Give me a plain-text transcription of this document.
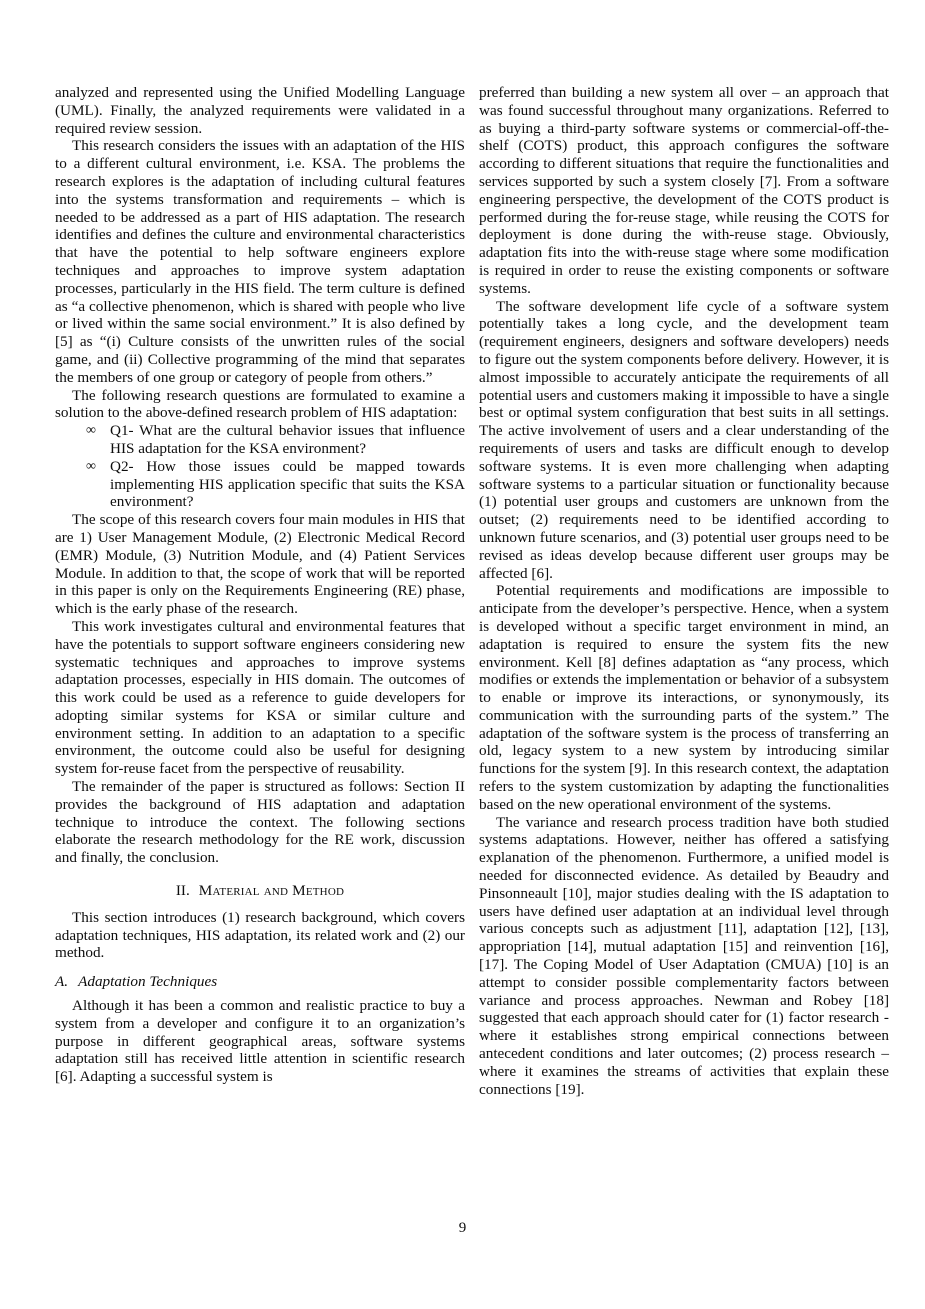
analyzed and represented using the Unified Modelling Language (UML). Finally, the analyzed requirements were validated in a required review session.

This research considers the issues with an adaptation of the HIS to a different cultural environment, i.e. KSA. The problems the research explores is the adaptation of including cultural features into the systems transformation and requirements – which is needed to be addressed as a part of HIS adaptation. The research identifies and defines the culture and environmental characteristics that have the potential to help software engineers explore techniques and approaches to improve system adaptation processes, particularly in the HIS field. The term culture is defined as “a collective phenomenon, which is shared with people who live or lived within the same social environment.” It is also defined by [5] as “(i) Culture consists of the unwritten rules of the social game, and (ii) Collective programming of the mind that separates the members of one group or category of people from others.”

The following research questions are formulated to examine a solution to the above-defined research problem of HIS adaptation:

∞ Q1- What are the cultural behavior issues that influence HIS adaptation for the KSA environment?
∞ Q2- How those issues could be mapped towards implementing HIS application specific that suits the KSA environment?

The scope of this research covers four main modules in HIS that are 1) User Management Module, (2) Electronic Medical Record (EMR) Module, (3) Nutrition Module, and (4) Patient Services Module. In addition to that, the scope of work that will be reported in this paper is only on the Requirements Engineering (RE) phase, which is the early phase of the research.

This work investigates cultural and environmental features that have the potentials to support software engineers considering new systematic techniques and approaches to improve systems adaptation processes, especially in HIS domain. The outcomes of this work could be used as a reference to guide developers for adopting similar systems for KSA or similar culture and environment setting. In addition to an adaptation to a specific environment, the outcome could also be useful for designing system for-reuse facet from the perspective of reusability.

The remainder of the paper is structured as follows: Section II provides the background of HIS adaptation and adaptation technique to introduce the context. The following sections elaborate the research methodology for the RE work, discussion and finally, the conclusion.

II. Material and Method

This section introduces (1) research background, which covers adaptation techniques, HIS adaptation, its related work and (2) our method.

A. Adaptation Techniques

Although it has been a common and realistic practice to buy a system from a developer and configure it to an organization’s purpose in different geographical areas, software systems adaptation still has received little attention in scientific research [6]. Adapting a successful system is

preferred than building a new system all over – an approach that was found successful throughout many organizations. Referred to as buying a third-party software systems or commercial-off-the-shelf (COTS) product, this approach configures the software according to different situations that require the functionalities and services supported by such a system closely [7]. From a software engineering perspective, the development of the COTS product is performed during the for-reuse stage, while reusing the COTS for deployment is done during the with-reuse stage. Obviously, adaptation fits into the with-reuse stage where some modification is required in order to reuse the existing components or software systems.

The software development life cycle of a software system potentially takes a long cycle, and the development team (requirement engineers, designers and software developers) needs to figure out the system components before delivery. However, it is almost impossible to accurately anticipate the requirements of all potential users and customers making it impossible to have a single best or optimal system configuration that best suits in all settings. The active involvement of users and a clear understanding of the requirements of users and tasks are difficult enough to develop software systems. It is even more challenging when adapting software systems to a particular situation or functionality because (1) potential user groups and customers are unknown from the outset; (2) requirements need to be identified according to unknown future scenarios, and (3) potential user groups need to be revised as ideas develop because different user groups may be affected [6].

Potential requirements and modifications are impossible to anticipate from the developer’s perspective. Hence, when a system is developed without a specific target environment in mind, an adaptation is required to ensure the system fits the new environment. Kell [8] defines adaptation as “any process, which modifies or extends the implementation or behavior of a subsystem to enable or improve its interactions, or synonymously, its communication with the surrounding parts of the system.” The adaptation of the software system is the process of transferring an old, legacy system to a new system by introducing similar functions for the system [9]. In this research context, the adaptation refers to the system customization by adapting the functionalities based on the new operational environment of the systems.

The variance and research process tradition have both studied systems adaptations. However, neither has offered a satisfying explanation of the phenomenon. Furthermore, a unified model is needed for disconnected evidence. As detailed by Beaudry and Pinsonneault [10], major studies dealing with the IS adaptation to users have defined user adaptation at an individual level through various concepts such as adjustment [11], adaptation [12], [13], appropriation [14], mutual adaptation [15] and reinvention [16], [17]. The Coping Model of User Adaptation (CMUA) [10] is an attempt to consider possible complementarity factors between variance and process approaches. Newman and Robey [18] suggested that each approach should cater for (1) factor research - where it establishes strong empirical connections between antecedent conditions and later outcomes; (2) process research – where it examines the streams of activities that explain these connections [19].

9
